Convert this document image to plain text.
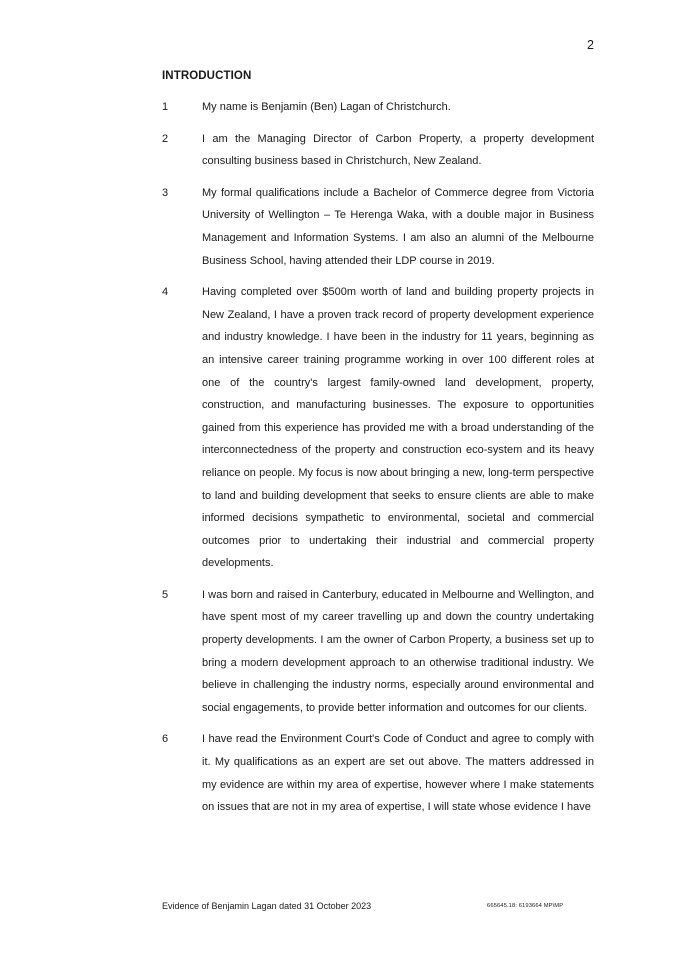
2
INTRODUCTION
1	My name is Benjamin (Ben) Lagan of Christchurch.
2	I am the Managing Director of Carbon Property, a property development consulting business based in Christchurch, New Zealand.
3	My formal qualifications include a Bachelor of Commerce degree from Victoria University of Wellington – Te Herenga Waka, with a double major in Business Management and Information Systems. I am also an alumni of the Melbourne Business School, having attended their LDP course in 2019.
4	Having completed over $500m worth of land and building property projects in New Zealand, I have a proven track record of property development experience and industry knowledge. I have been in the industry for 11 years, beginning as an intensive career training programme working in over 100 different roles at one of the country's largest family-owned land development, property, construction, and manufacturing businesses. The exposure to opportunities gained from this experience has provided me with a broad understanding of the interconnectedness of the property and construction eco-system and its heavy reliance on people. My focus is now about bringing a new, long-term perspective to land and building development that seeks to ensure clients are able to make informed decisions sympathetic to environmental, societal and commercial outcomes prior to undertaking their industrial and commercial property developments.
5	I was born and raised in Canterbury, educated in Melbourne and Wellington, and have spent most of my career travelling up and down the country undertaking property developments. I am the owner of Carbon Property, a business set up to bring a modern development approach to an otherwise traditional industry. We believe in challenging the industry norms, especially around environmental and social engagements, to provide better information and outcomes for our clients.
6	I have read the Environment Court's Code of Conduct and agree to comply with it. My qualifications as an expert are set out above. The matters addressed in my evidence are within my area of expertise, however where I make statements on issues that are not in my area of expertise, I will state whose evidence I have
Evidence of Benjamin Lagan dated 31 October 2023	665645.18: 6193664 MP\MP
